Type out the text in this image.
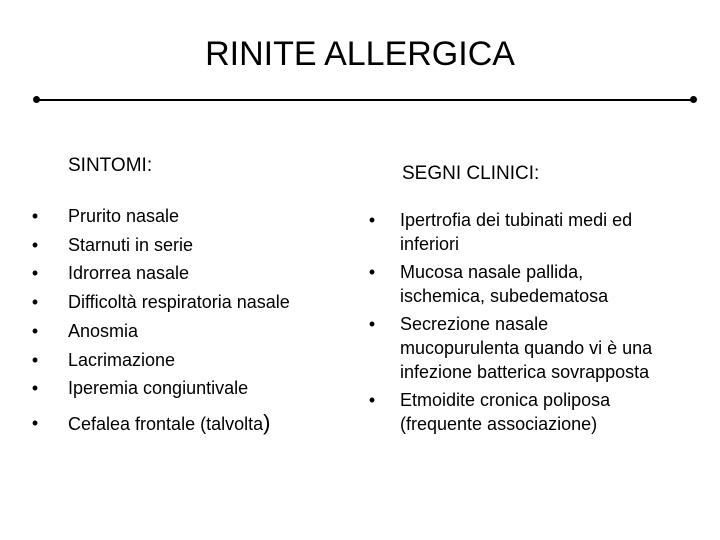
RINITE ALLERGICA
SINTOMI:
• Prurito nasale
• Starnuti in serie
• Idrorrea nasale
• Difficoltà respiratoria nasale
• Anosmia
• Lacrimazione
• Iperemia congiuntivale
• Cefalea frontale (talvolta)
SEGNI CLINICI:
• Ipertrofia dei tubinati medi ed inferiori
• Mucosa nasale pallida, ischemica, subedematosa
• Secrezione nasale mucopurulenta quando vi è una infezione batterica sovrapposta
• Etmoidite cronica poliposa (frequente associazione)
